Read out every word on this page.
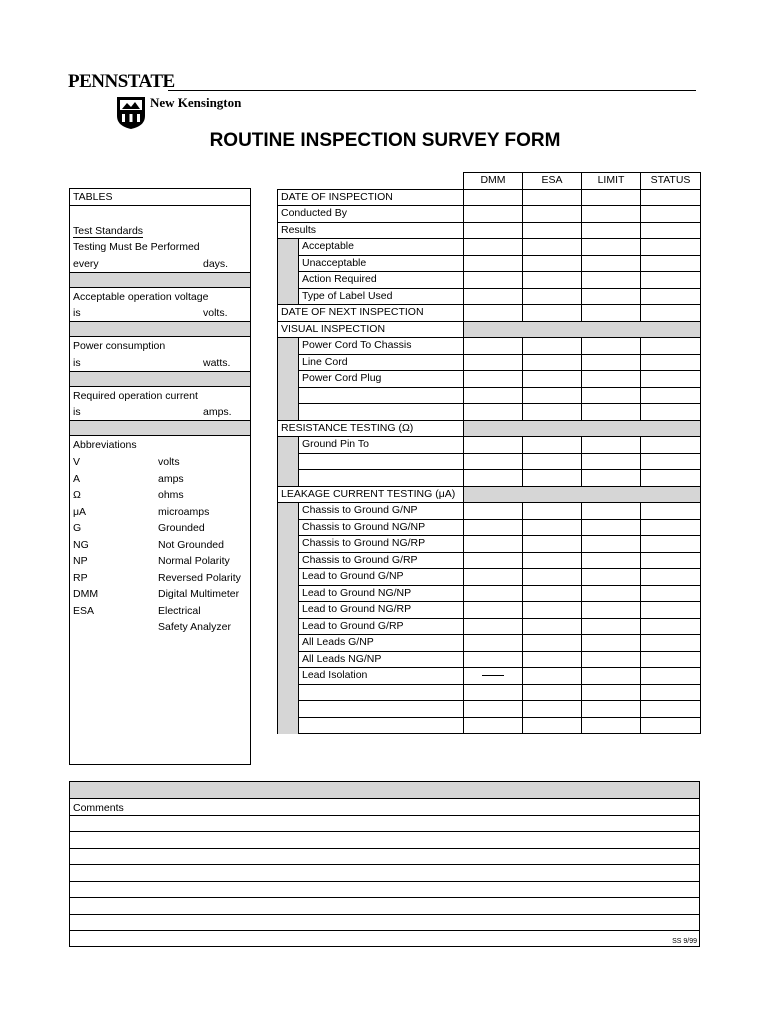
PENNSTATE
New Kensington
ROUTINE INSPECTION SURVEY FORM
TABLES
Test Standards
Testing Must Be Performed
every	days.
Acceptable operation voltage
is	volts.
Power consumption
is	watts.
Required operation current
is	amps.
Abbreviations
V	volts
A	amps
Ω	ohms
μA	microamps
G	Grounded
NG	Not Grounded
NP	Normal Polarity
RP	Reversed Polarity
DMM	Digital Multimeter
ESA	Electrical
Safety Analyzer
		DMM	ESA	LIMIT	STATUS
DATE OF INSPECTION					
Conducted By					
Results					
	Acceptable				
	Unacceptable				
	Action Required				
	Type of Label Used				
DATE OF NEXT INSPECTION					
VISUAL INSPECTION					
	Power Cord To Chassis				
	Line Cord				
	Power Cord Plug				

RESISTANCE TESTING (Ω)					
	Ground Pin To				

LEAKAGE CURRENT TESTING (μA)					
	Chassis to Ground G/NP				
	Chassis to Ground NG/NP				
	Chassis to Ground NG/RP				
	Chassis to Ground G/RP				
	Lead to Ground G/NP				
	Lead to Ground NG/NP				
	Lead to Ground NG/RP				
	Lead to Ground G/RP				
	All Leads G/NP				
	All Leads NG/NP				
	Lead Isolation				

Comments
SS 9/99
